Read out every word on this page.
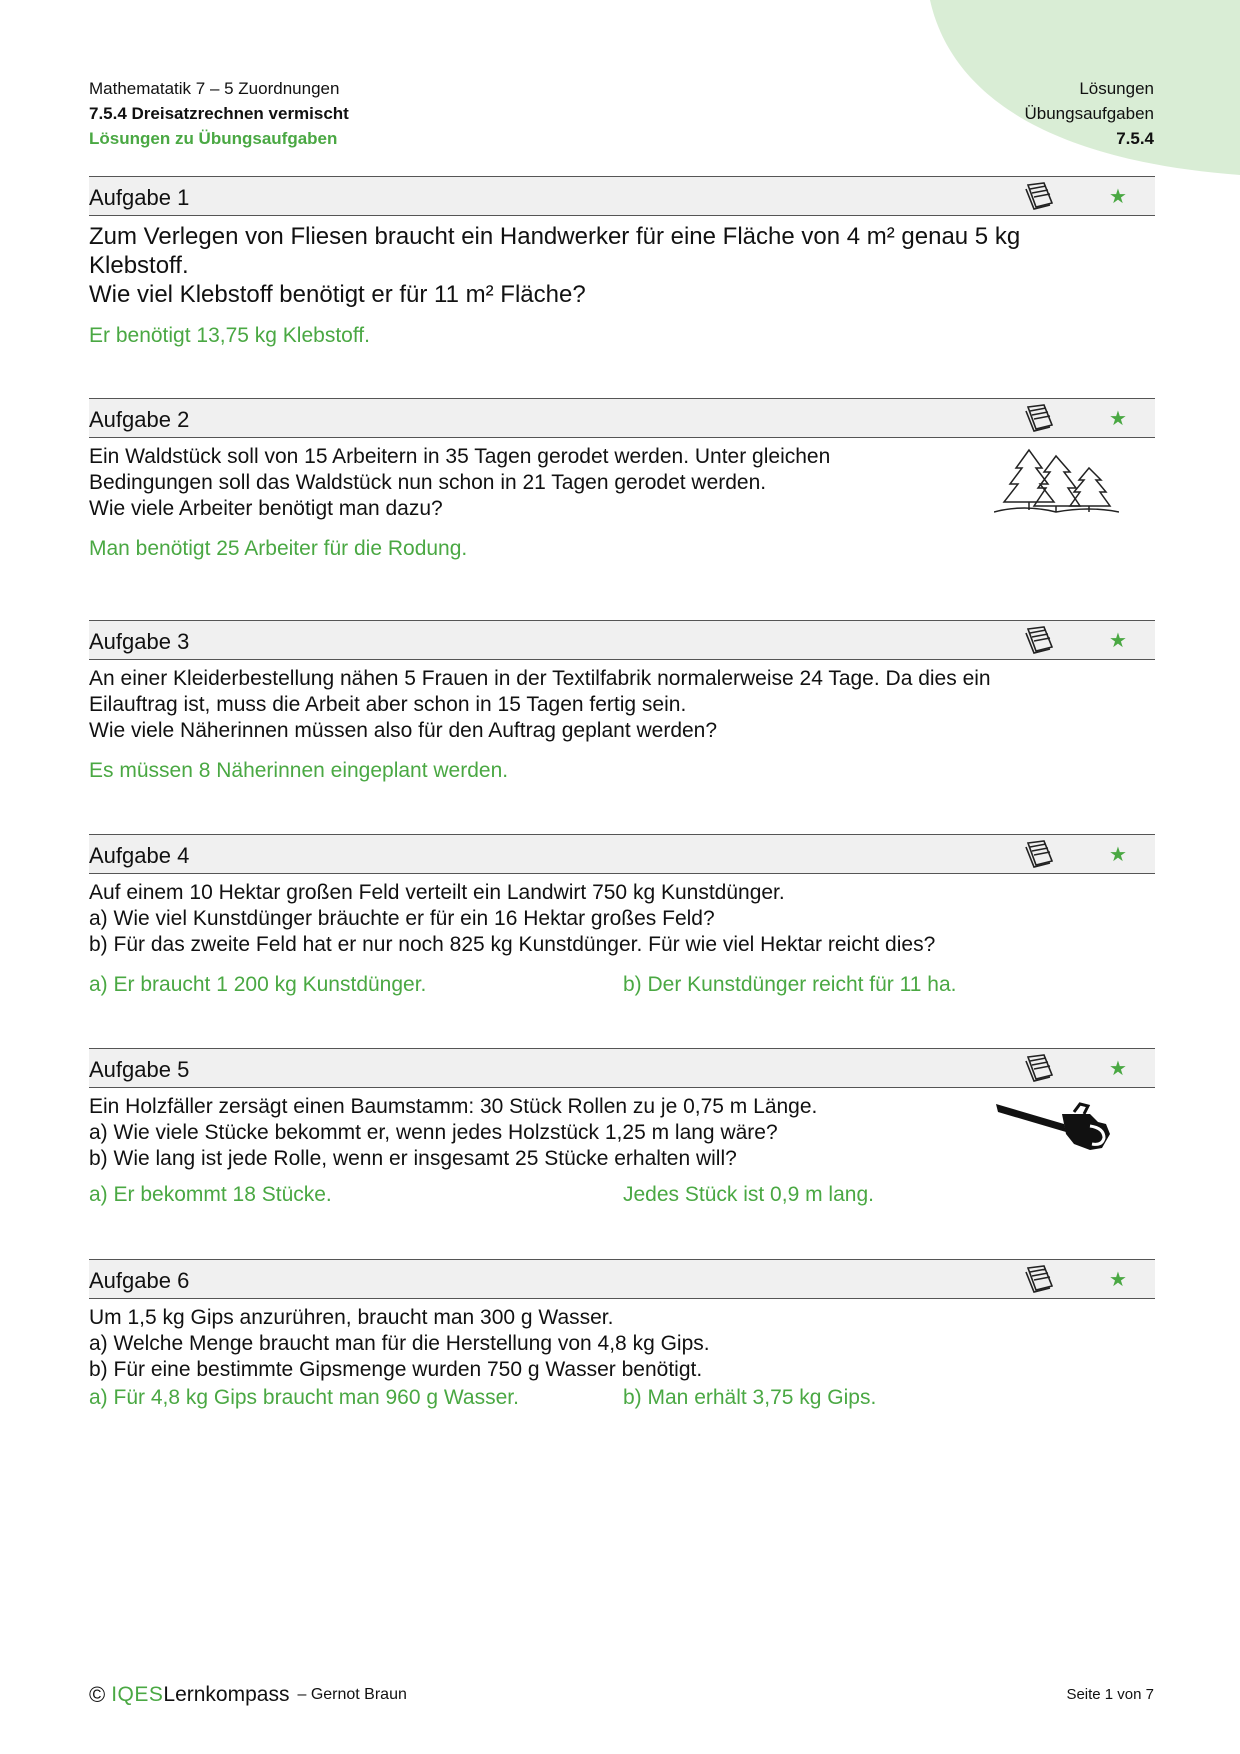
Mathematatik 7 – 5 Zuordnungen
7.5.4 Dreisatzrechnen vermischt
Lösungen zu Übungsaufgaben
Lösungen
Übungsaufgaben
7.5.4
Aufgabe 1	★
Zum Verlegen von Fliesen braucht ein Handwerker für eine Fläche von 4 m² genau 5 kg
Klebstoff.
Wie viel Klebstoff benötigt er für 11 m² Fläche?
Er benötigt 13,75 kg Klebstoff.
Aufgabe 2	★
Ein Waldstück soll von 15 Arbeitern in 35 Tagen gerodet werden. Unter gleichen
Bedingungen soll das Waldstück nun schon in 21 Tagen gerodet werden.
Wie viele Arbeiter benötigt man dazu?
Man benötigt 25 Arbeiter für die Rodung.
Aufgabe 3	★
An einer Kleiderbestellung nähen 5 Frauen in der Textilfabrik normalerweise 24 Tage. Da dies ein
Eilauftrag ist, muss die Arbeit aber schon in 15 Tagen fertig sein.
Wie viele Näherinnen müssen also für den Auftrag geplant werden?
Es müssen 8 Näherinnen eingeplant werden.
Aufgabe 4	★
Auf einem 10 Hektar großen Feld verteilt ein Landwirt 750 kg Kunstdünger.
a) Wie viel Kunstdünger bräuchte er für ein 16 Hektar großes Feld?
b) Für das zweite Feld hat er nur noch 825 kg Kunstdünger. Für wie viel Hektar reicht dies?
a) Er braucht 1 200 kg Kunstdünger.	b) Der Kunstdünger reicht für 11 ha.
Aufgabe 5	★
Ein Holzfäller zersägt einen Baumstamm: 30 Stück Rollen zu je 0,75 m Länge.
a) Wie viele Stücke bekommt er, wenn jedes Holzstück 1,25 m lang wäre?
b) Wie lang ist jede Rolle, wenn er insgesamt 25 Stücke erhalten will?
a) Er bekommt 18 Stücke.	Jedes Stück ist 0,9 m lang.
Aufgabe 6	★
Um 1,5 kg Gips anzurühren, braucht man 300 g Wasser.
a) Welche Menge braucht man für die Herstellung von 4,8 kg Gips.
b) Für eine bestimmte Gipsmenge wurden 750 g Wasser benötigt.
a) Für 4,8 kg Gips braucht man 960 g Wasser.	b) Man erhält 3,75 kg Gips.
© IQES Lernkompass – Gernot Braun	Seite 1 von 7
